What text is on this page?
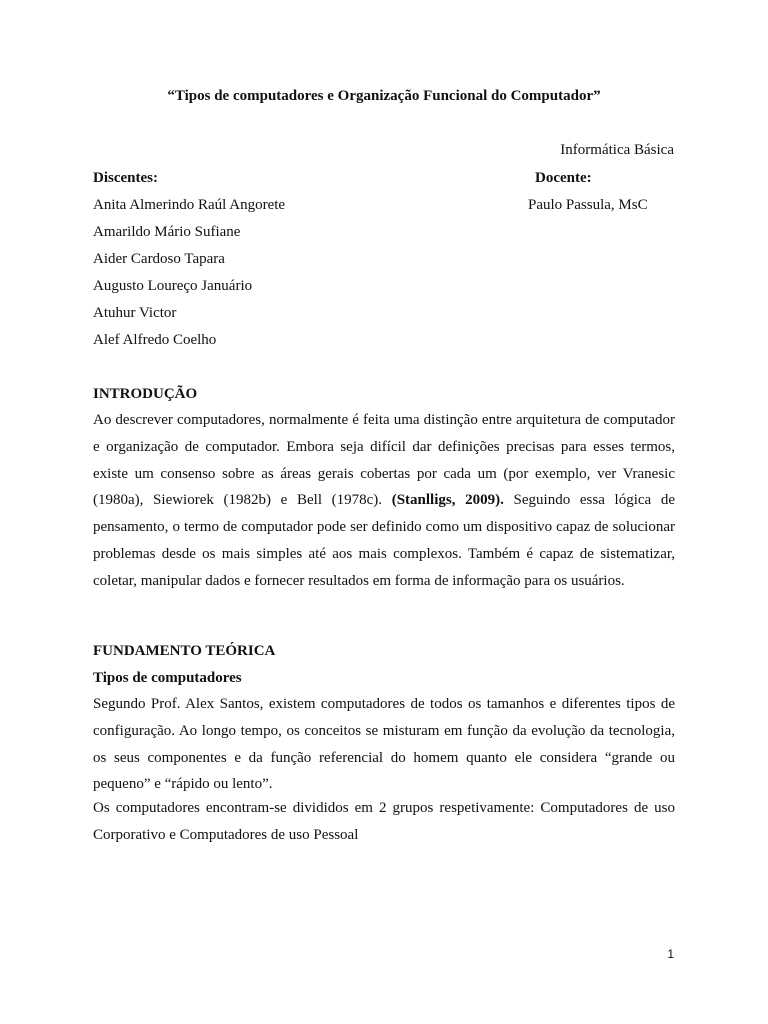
“Tipos de computadores e Organização Funcional do Computador”
Informática Básica
Discentes:	Docente:
Anita Almerindo Raúl Angorete	Paulo Passula, MsC
Amarildo Mário Sufiane
Aider Cardoso Tapara
Augusto Loureço Januário
Atuhur Victor
Alef Alfredo Coelho
INTRODUÇÃO
Ao descrever computadores, normalmente é feita uma distinção entre arquitetura de computador e organização de computador. Embora seja difícil dar definições precisas para esses termos, existe um consenso sobre as áreas gerais cobertas por cada um (por exemplo, ver Vranesic (1980a), Siewiorek (1982b) e Bell (1978c). (Stanlligs, 2009). Seguindo essa lógica de pensamento, o termo de computador pode ser definido como um dispositivo capaz de solucionar problemas desde os mais simples até aos mais complexos. Também é capaz de sistematizar, coletar, manipular dados e fornecer resultados em forma de informação para os usuários.
FUNDAMENTO TEÓRICA
Tipos de computadores
Segundo Prof. Alex Santos, existem computadores de todos os tamanhos e diferentes tipos de configuração. Ao longo tempo, os conceitos se misturam em função da evolução da tecnologia, os seus componentes e da função referencial do homem quanto ele considera “grande ou pequeno” e “rápido ou lento”.
Os computadores encontram-se divididos em 2 grupos respetivamente: Computadores de uso Corporativo e Computadores de uso Pessoal
1
